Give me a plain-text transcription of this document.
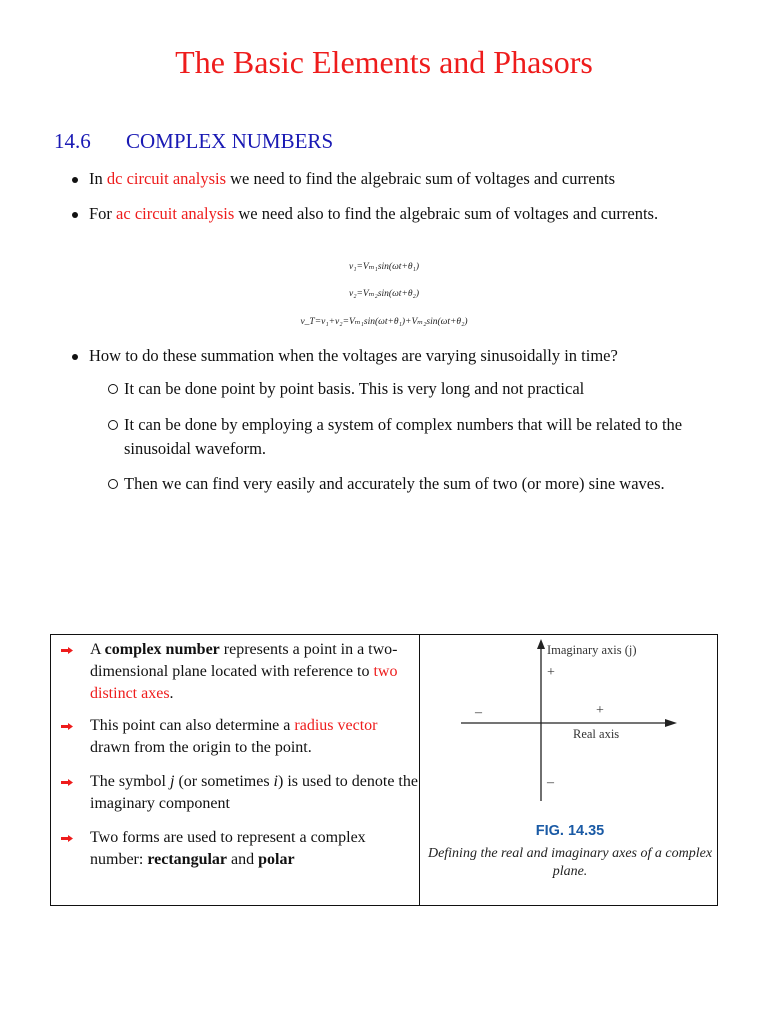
The Basic Elements and Phasors
14.6 COMPLEX NUMBERS
In dc circuit analysis we need to find the algebraic sum of voltages and currents
For ac circuit analysis we need also to find the algebraic sum of voltages and currents.
v₁=Vₘ₁sin(ωt+θ₁)
v₂=Vₘ₂sin(ωt+θ₂)
v_T=v₁+v₂=Vₘ₁sin(ωt+θ₁)+Vₘ₂sin(ωt+θ₂)
How to do these summation when the voltages are varying sinusoidally in time?
It can be done point by point basis. This is very long and not practical
It can be done by employing a system of complex numbers that will be related to the sinusoidal waveform.
Then we can find very easily and accurately the sum of two (or more) sine waves.
A complex number represents a point in a two-dimensional plane located with reference to two distinct axes.
This point can also determine a radius vector drawn from the origin to the point.
The symbol j (or sometimes i) is used to denote the imaginary component
Two forms are used to represent a complex number: rectangular and polar
Imaginary axis (j)
+
+
–
Real axis
–
FIG. 14.35
Defining the real and imaginary axes of a complex plane.
